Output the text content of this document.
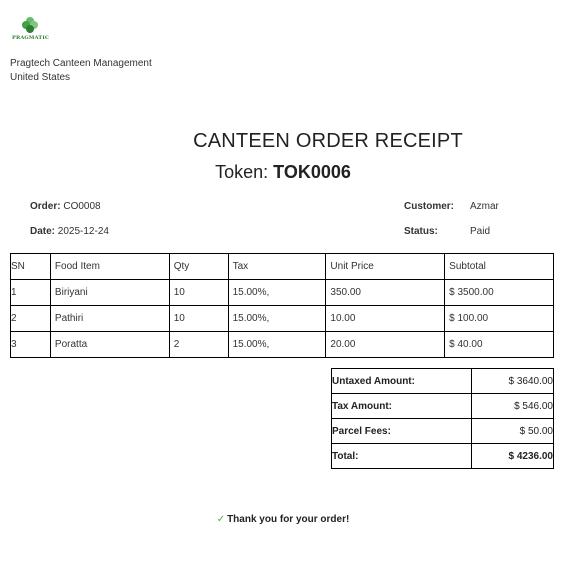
PRAGMATIC
Pragtech Canteen Management
United States
CANTEEN ORDER RECEIPT
Token: TOK0006
Order: CO0008
Date: 2025-12-24
Customer: Azmar
Status:	Paid
SN	Food Item	Qty	Tax	Unit Price	Subtotal
1	Biriyani	10	15.00%,	350.00	$ 3500.00
2	Pathiri	10	15.00%,	10.00	$ 100.00
3	Poratta	2	15.00%,	20.00	$ 40.00
Untaxed Amount:	$ 3640.00
Tax Amount:	$ 546.00
Parcel Fees:	$ 50.00
Total:	$ 4236.00
✓ Thank you for your order!
